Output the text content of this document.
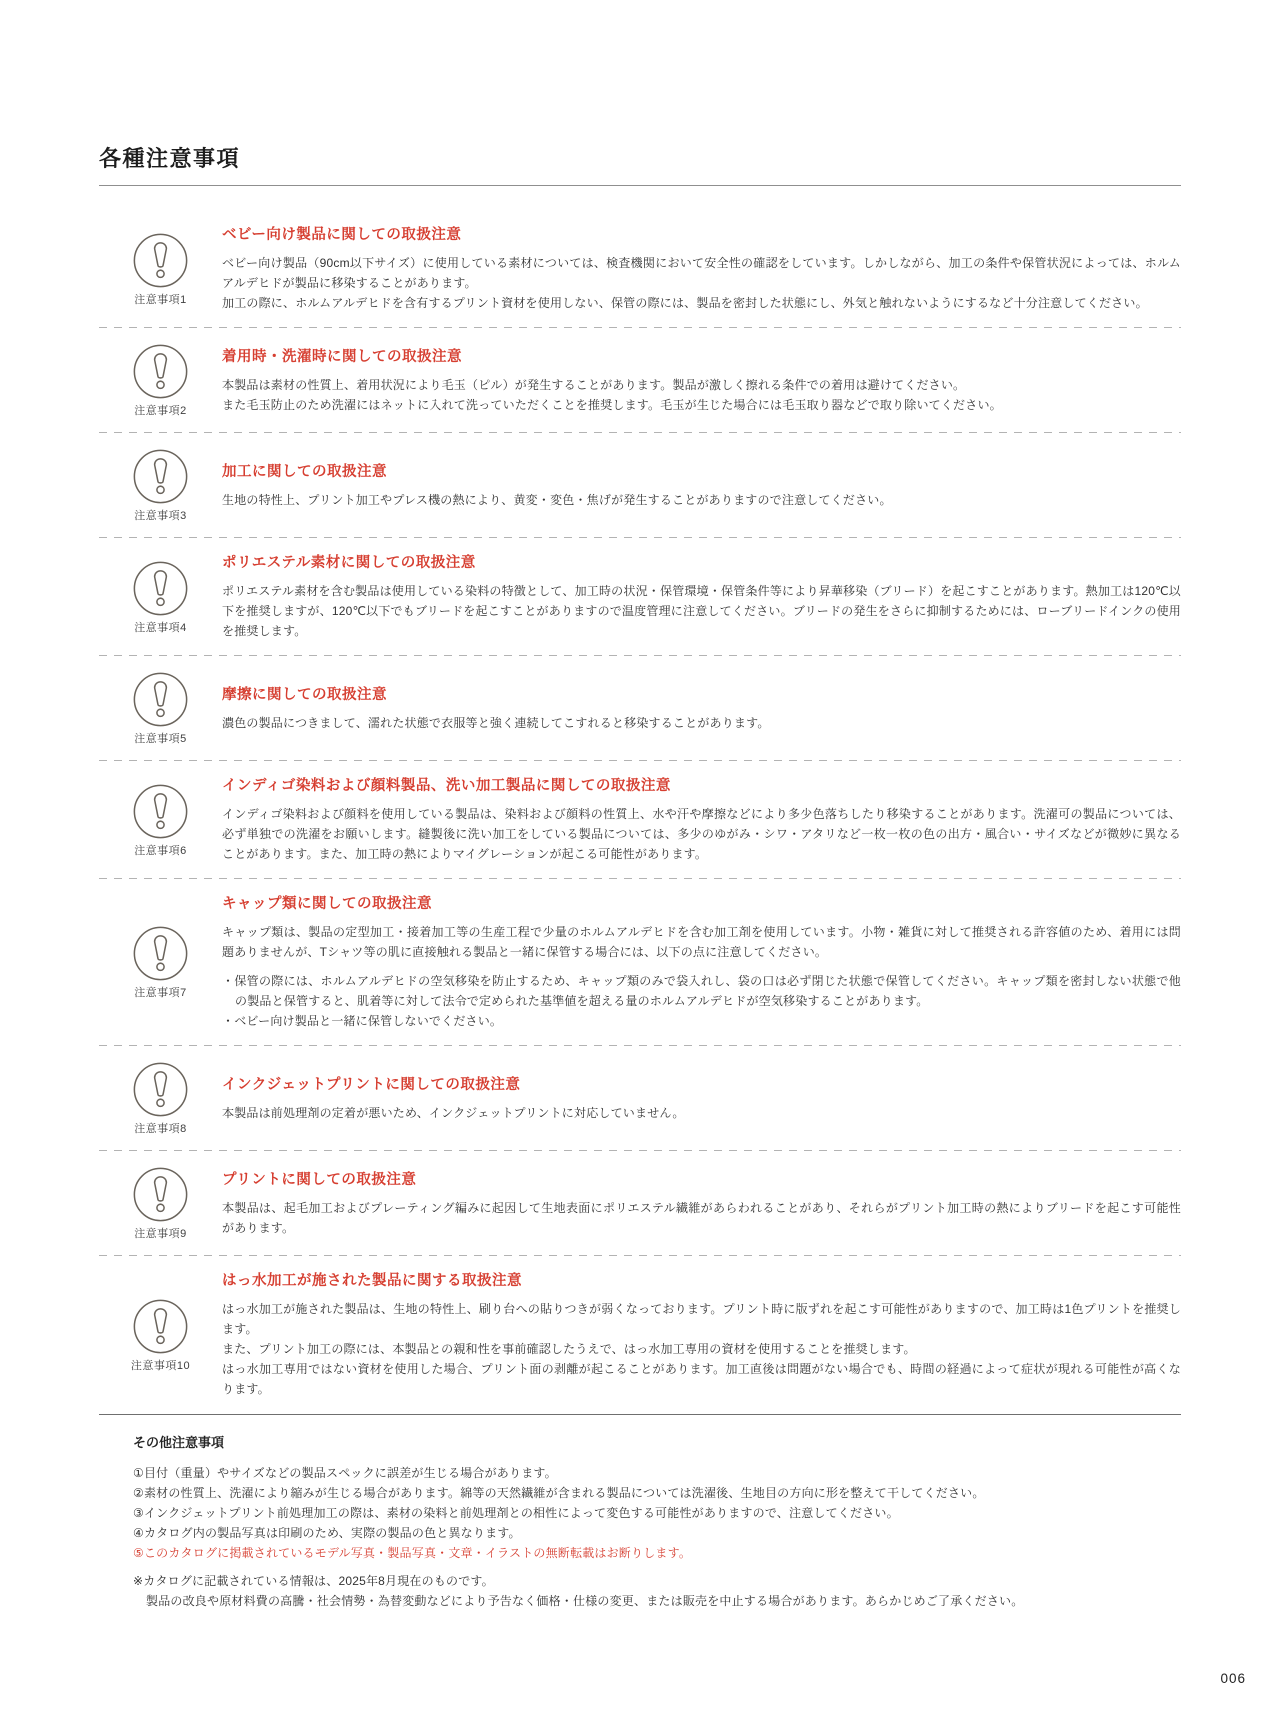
各種注意事項
注意事項1
ベビー向け製品に関しての取扱注意

ベビー向け製品（90cm以下サイズ）に使用している素材については、検査機関において安全性の確認をしています。しかしながら、加工の条件や保管状況によっては、ホルムアルデヒドが製品に移染することがあります。

加工の際に、ホルムアルデヒドを含有するプリント資材を使用しない、保管の際には、製品を密封した状態にし、外気と触れないようにするなど十分注意してください。

注意事項2
着用時・洗濯時に関しての取扱注意

本製品は素材の性質上、着用状況により毛玉（ピル）が発生することがあります。製品が激しく擦れる条件での着用は避けてください。

また毛玉防止のため洗濯にはネットに入れて洗っていただくことを推奨します。毛玉が生じた場合には毛玉取り器などで取り除いてください。

注意事項3
加工に関しての取扱注意

生地の特性上、プリント加工やプレス機の熱により、黄変・変色・焦げが発生することがありますので注意してください。

注意事項4
ポリエステル素材に関しての取扱注意

ポリエステル素材を含む製品は使用している染料の特徴として、加工時の状況・保管環境・保管条件等により昇華移染（ブリード）を起こすことがあります。熱加工は120℃以下を推奨しますが、120℃以下でもブリードを起こすことがありますので温度管理に注意してください。ブリードの発生をさらに抑制するためには、ローブリードインクの使用を推奨します。

注意事項5
摩擦に関しての取扱注意

濃色の製品につきまして、濡れた状態で衣服等と強く連続してこすれると移染することがあります。

注意事項6
インディゴ染料および顔料製品、洗い加工製品に関しての取扱注意

インディゴ染料および顔料を使用している製品は、染料および顔料の性質上、水や汗や摩擦などにより多少色落ちしたり移染することがあります。洗濯可の製品については、必ず単独での洗濯をお願いします。縫製後に洗い加工をしている製品については、多少のゆがみ・シワ・アタリなど一枚一枚の色の出方・風合い・サイズなどが微妙に異なることがあります。また、加工時の熱によりマイグレーションが起こる可能性があります。

注意事項7
キャップ類に関しての取扱注意

キャップ類は、製品の定型加工・接着加工等の生産工程で少量のホルムアルデヒドを含む加工剤を使用しています。小物・雑貨に対して推奨される許容値のため、着用には問題ありませんが、Tシャツ等の肌に直接触れる製品と一緒に保管する場合には、以下の点に注意してください。

・保管の際には、ホルムアルデヒドの空気移染を防止するため、キャップ類のみで袋入れし、袋の口は必ず閉じた状態で保管してください。キャップ類を密封しない状態で他の製品と保管すると、肌着等に対して法令で定められた基準値を超える量のホルムアルデヒドが空気移染することがあります。

・ベビー向け製品と一緒に保管しないでください。

注意事項8
インクジェットプリントに関しての取扱注意

本製品は前処理剤の定着が悪いため、インクジェットプリントに対応していません。

注意事項9
プリントに関しての取扱注意

本製品は、起毛加工およびプレーティング編みに起因して生地表面にポリエステル繊維があらわれることがあり、それらがプリント加工時の熱によりブリードを起こす可能性があります。

注意事項10
はっ水加工が施された製品に関する取扱注意

はっ水加工が施された製品は、生地の特性上、刷り台への貼りつきが弱くなっております。プリント時に版ずれを起こす可能性がありますので、加工時は1色プリントを推奨します。

また、プリント加工の際には、本製品との親和性を事前確認したうえで、はっ水加工専用の資材を使用することを推奨します。

はっ水加工専用ではない資材を使用した場合、プリント面の剥離が起こることがあります。加工直後は問題がない場合でも、時間の経過によって症状が現れる可能性が高くなります。

その他注意事項

①目付（重量）やサイズなどの製品スペックに誤差が生じる場合があります。

②素材の性質上、洗濯により縮みが生じる場合があります。綿等の天然繊維が含まれる製品については洗濯後、生地目の方向に形を整えて干してください。

③インクジェットプリント前処理加工の際は、素材の染料と前処理剤との相性によって変色する可能性がありますので、注意してください。

④カタログ内の製品写真は印刷のため、実際の製品の色と異なります。

⑤このカタログに掲載されているモデル写真・製品写真・文章・イラストの無断転載はお断りします。

※カタログに記載されている情報は、2025年8月現在のものです。

製品の改良や原材料費の高騰・社会情勢・為替変動などにより予告なく価格・仕様の変更、または販売を中止する場合があります。あらかじめご了承ください。

006
